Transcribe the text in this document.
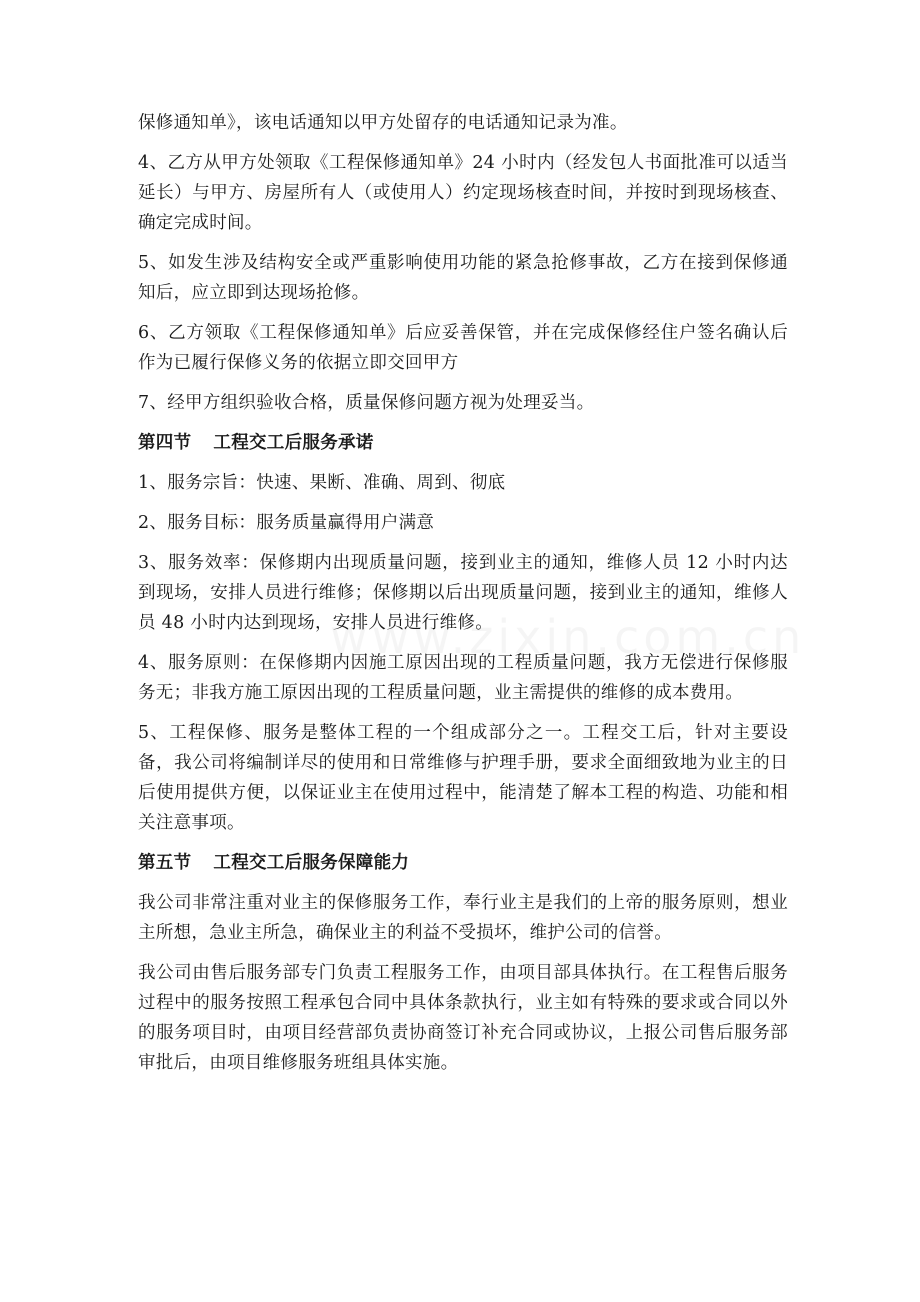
保修通知单》，该电话通知以甲方处留存的电话通知记录为准。

4、乙方从甲方处领取《工程保修通知单》24 小时内（经发包人书面批准可以适当延长）与甲方、房屋所有人（或使用人）约定现场核查时间，并按时到现场核查、确定完成时间。

5、如发生涉及结构安全或严重影响使用功能的紧急抢修事故，乙方在接到保修通知后，应立即到达现场抢修。

6、乙方领取《工程保修通知单》后应妥善保管，并在完成保修经住户签名确认后作为已履行保修义务的依据立即交回甲方

7、经甲方组织验收合格，质量保修问题方视为处理妥当。

第四节 工程交工后服务承诺

1、服务宗旨：快速、果断、准确、周到、彻底

2、服务目标：服务质量赢得用户满意

3、服务效率：保修期内出现质量问题，接到业主的通知，维修人员 12 小时内达到现场，安排人员进行维修；保修期以后出现质量问题，接到业主的通知，维修人员 48 小时内达到现场，安排人员进行维修。

4、服务原则：在保修期内因施工原因出现的工程质量问题，我方无偿进行保修服务无；非我方施工原因出现的工程质量问题，业主需提供的维修的成本费用。

5、工程保修、服务是整体工程的一个组成部分之一。工程交工后，针对主要设备，我公司将编制详尽的使用和日常维修与护理手册，要求全面细致地为业主的日后使用提供方便，以保证业主在使用过程中，能清楚了解本工程的构造、功能和相关注意事项。

第五节 工程交工后服务保障能力

我公司非常注重对业主的保修服务工作，奉行业主是我们的上帝的服务原则，想业主所想，急业主所急，确保业主的利益不受损坏，维护公司的信誉。

我公司由售后服务部专门负责工程服务工作，由项目部具体执行。在工程售后服务过程中的服务按照工程承包合同中具体条款执行，业主如有特殊的要求或合同以外的服务项目时，由项目经营部负责协商签订补充合同或协议，上报公司售后服务部审批后，由项目维修服务班组具体实施。
